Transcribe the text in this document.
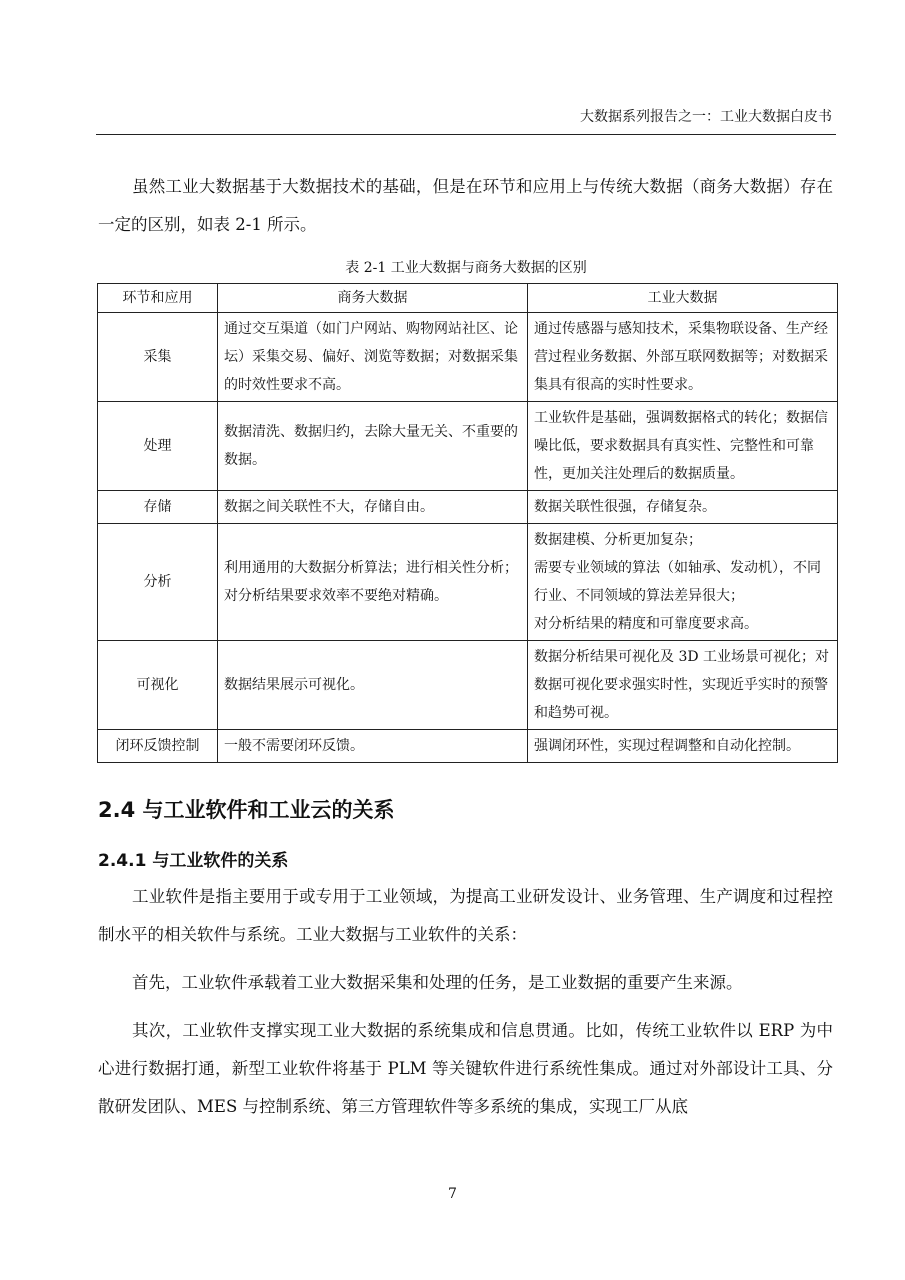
大数据系列报告之一：工业大数据白皮书

虽然工业大数据基于大数据技术的基础，但是在环节和应用上与传统大数据（商务大数据）存在一定的区别，如表 2-1 所示。

表 2-1 工业大数据与商务大数据的区别
环节和应用	商务大数据	工业大数据
采集	通过交互渠道（如门户网站、购物网站社区、论坛）采集交易、偏好、浏览等数据；对数据采集的时效性要求不高。	通过传感器与感知技术，采集物联设备、生产经营过程业务数据、外部互联网数据等；对数据采集具有很高的实时性要求。
处理	数据清洗、数据归约，去除大量无关、不重要的数据。	工业软件是基础，强调数据格式的转化；数据信噪比低，要求数据具有真实性、完整性和可靠性，更加关注处理后的数据质量。
存储	数据之间关联性不大，存储自由。	数据关联性很强，存储复杂。
分析	利用通用的大数据分析算法；进行相关性分析；对分析结果要求效率不要绝对精确。	数据建模、分析更加复杂；
需要专业领域的算法（如轴承、发动机），不同行业、不同领域的算法差异很大；
对分析结果的精度和可靠度要求高。
可视化	数据结果展示可视化。	数据分析结果可视化及 3D 工业场景可视化；对数据可视化要求强实时性，实现近乎实时的预警和趋势可视。
闭环反馈控制	一般不需要闭环反馈。	强调闭环性，实现过程调整和自动化控制。
2.4 与工业软件和工业云的关系
2.4.1 与工业软件的关系

工业软件是指主要用于或专用于工业领域，为提高工业研发设计、业务管理、生产调度和过程控制水平的相关软件与系统。工业大数据与工业软件的关系：

首先，工业软件承载着工业大数据采集和处理的任务，是工业数据的重要产生来源。

其次，工业软件支撑实现工业大数据的系统集成和信息贯通。比如，传统工业软件以 ERP 为中心进行数据打通，新型工业软件将基于 PLM 等关键软件进行系统性集成。通过对外部设计工具、分散研发团队、MES 与控制系统、第三方管理软件等多系统的集成，实现工厂从底

7
